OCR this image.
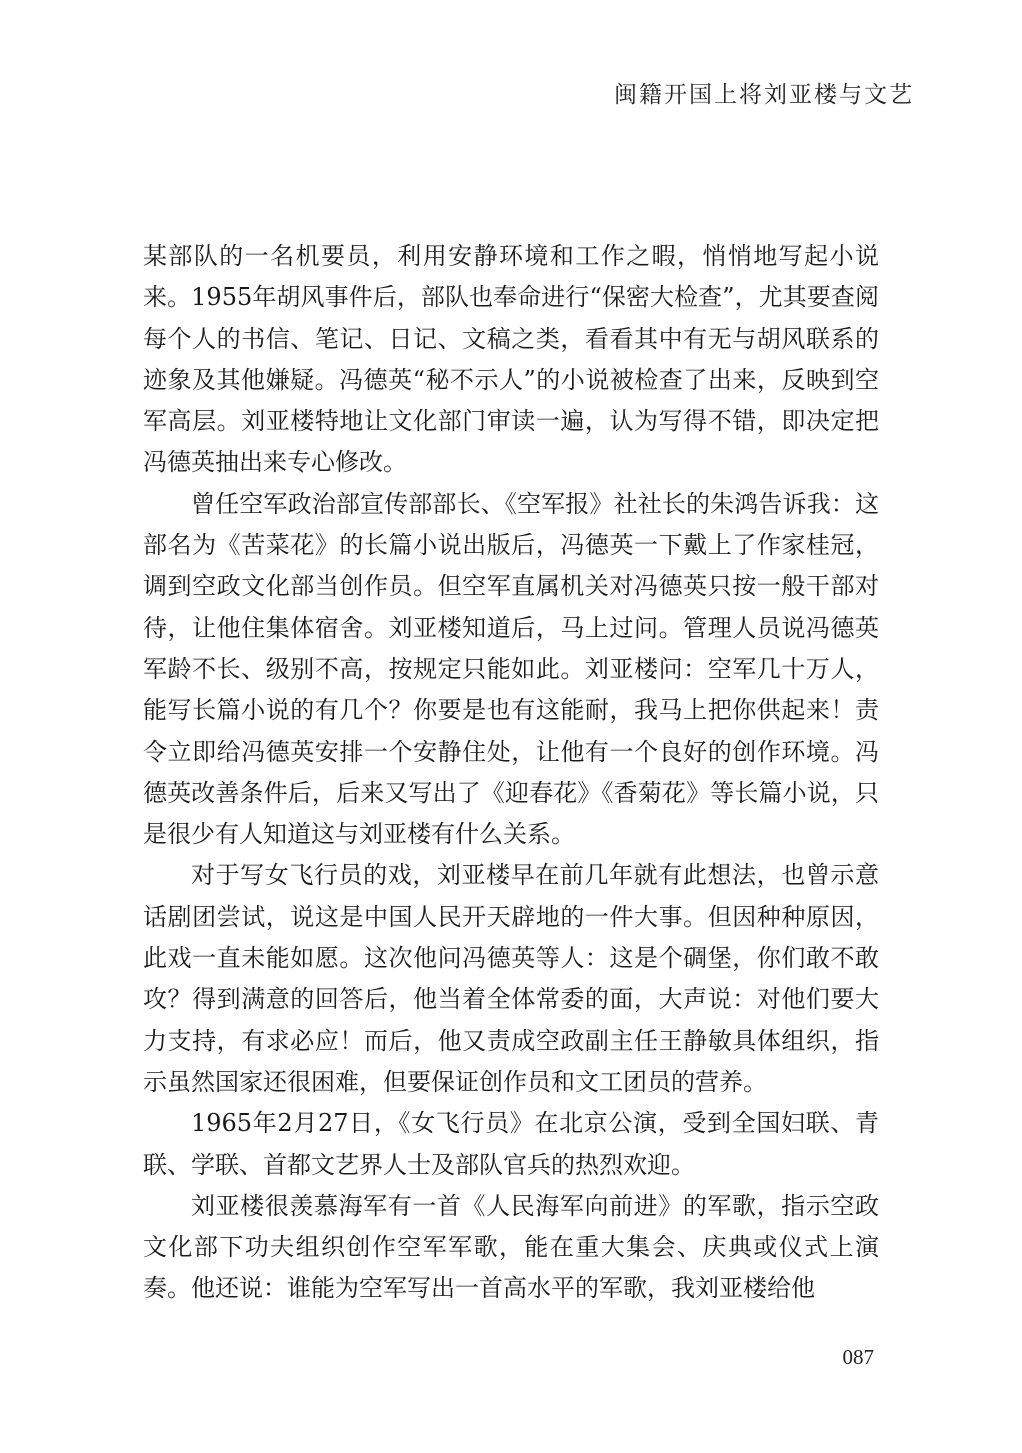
闽籍开国上将刘亚楼与文艺

某部队的一名机要员，利用安静环境和工作之暇，悄悄地写起小说来。1955年胡风事件后，部队也奉命进行“保密大检查”，尤其要查阅每个人的书信、笔记、日记、文稿之类，看看其中有无与胡风联系的迹象及其他嫌疑。冯德英“秘不示人”的小说被检查了出来，反映到空军高层。刘亚楼特地让文化部门审读一遍，认为写得不错，即决定把冯德英抽出来专心修改。

曾任空军政治部宣传部部长、《空军报》社社长的朱鸿告诉我：这部名为《苦菜花》的长篇小说出版后，冯德英一下戴上了作家桂冠，调到空政文化部当创作员。但空军直属机关对冯德英只按一般干部对待，让他住集体宿舍。刘亚楼知道后，马上过问。管理人员说冯德英军龄不长、级别不高，按规定只能如此。刘亚楼问：空军几十万人，能写长篇小说的有几个？你要是也有这能耐，我马上把你供起来！责令立即给冯德英安排一个安静住处，让他有一个良好的创作环境。冯德英改善条件后，后来又写出了《迎春花》《香菊花》等长篇小说，只是很少有人知道这与刘亚楼有什么关系。

对于写女飞行员的戏，刘亚楼早在前几年就有此想法，也曾示意话剧团尝试，说这是中国人民开天辟地的一件大事。但因种种原因，此戏一直未能如愿。这次他问冯德英等人：这是个碉堡，你们敢不敢攻？得到满意的回答后，他当着全体常委的面，大声说：对他们要大力支持，有求必应！而后，他又责成空政副主任王静敏具体组织，指示虽然国家还很困难，但要保证创作员和文工团员的营养。

1965年2月27日，《女飞行员》在北京公演，受到全国妇联、青联、学联、首都文艺界人士及部队官兵的热烈欢迎。

刘亚楼很羡慕海军有一首《人民海军向前进》的军歌，指示空政文化部下功夫组织创作空军军歌，能在重大集会、庆典或仪式上演奏。他还说：谁能为空军写出一首高水平的军歌，我刘亚楼给他

087
